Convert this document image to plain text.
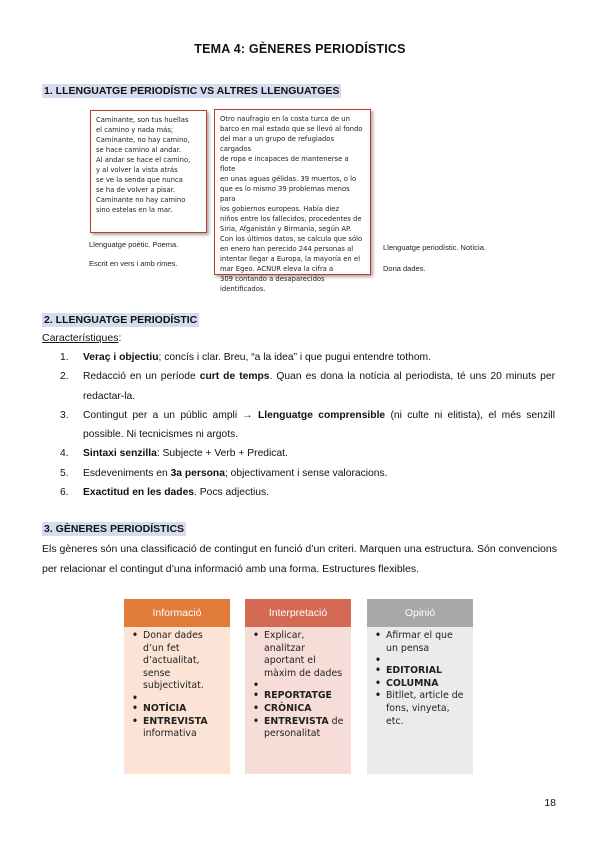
TEMA 4: GÈNERES PERIODÍSTICS
1. LLENGUATGE PERIODÍSTIC VS ALTRES LLENGUATGES
Caminante, son tus huellas
el camino y nada más;
Caminante, no hay camino,
se hace camino al andar.
Al andar se hace el camino,
y al volver la vista atrás
se ve la senda que nunca
se ha de volver a pisar.
Caminante no hay camino
sino estelas en la mar.
Otro naufragio en la costa turca de un
barco en mal estado que se llevó al fondo
del mar a un grupo de refugiados cargados
de ropa e incapaces de mantenerse a flote
en unas aguas gélidas. 39 muertos, o lo
que es lo mismo 39 problemas menos para
los gobiernos europeos. Había diez
niños entre los fallecidos, procedentes de
Siria, Afganistán y Birmania, según AP.
Con los últimos datos, se calcula que sólo
en enero han perecido 244 personas al
intentar llegar a Europa, la mayoría en el
mar Egeo. ACNUR eleva la cifra a
309 contando a desaparecidos
identificados.
Llenguatge poètic. Poema.
Escrit en vers i amb rimes.
Llenguatge periodístic. Notícia.
Dona dades.
2. LLENGUATGE PERIODÍSTIC
Característiques:
1. Veraç i objectiu; concís i clar. Breu, “a la idea” i que pugui entendre tothom.
2. Redacció en un període curt de temps. Quan es dona la notícia al periodista, té uns 20 minuts per redactar-la.
3. Contingut per a un públic ampli → Llenguatge comprensible (ni culte ni elitista), el més senzill possible. Ni tecnicismes ni argots.
4. Sintaxi senzilla: Subjecte + Verb + Predicat.
5. Esdeveniments en 3a persona; objectivament i sense valoracions.
6. Exactitud en les dades. Pocs adjectius.
3. GÈNERES PERIODÍSTICS
Els gèneres són una classificació de contingut en funció d’un criteri. Marquen una estructura. Són convencions per relacionar el contingut d’una informació amb una forma. Estructures flexibles.
Informació
• Donar dades d’un fet d’actualitat, sense subjectivitat.
•
• NOTÍCIA
• ENTREVISTA
informativa
Interpretació
• Explicar, analitzar aportant el màxim de dades
•
• REPORTATGE
• CRÒNICA
• ENTREVISTA de personalitat
Opinió
• Afirmar el que un pensa
•
• EDITORIAL
• COLUMNA
• Bitllet, article de fons, vinyeta, etc.
18
